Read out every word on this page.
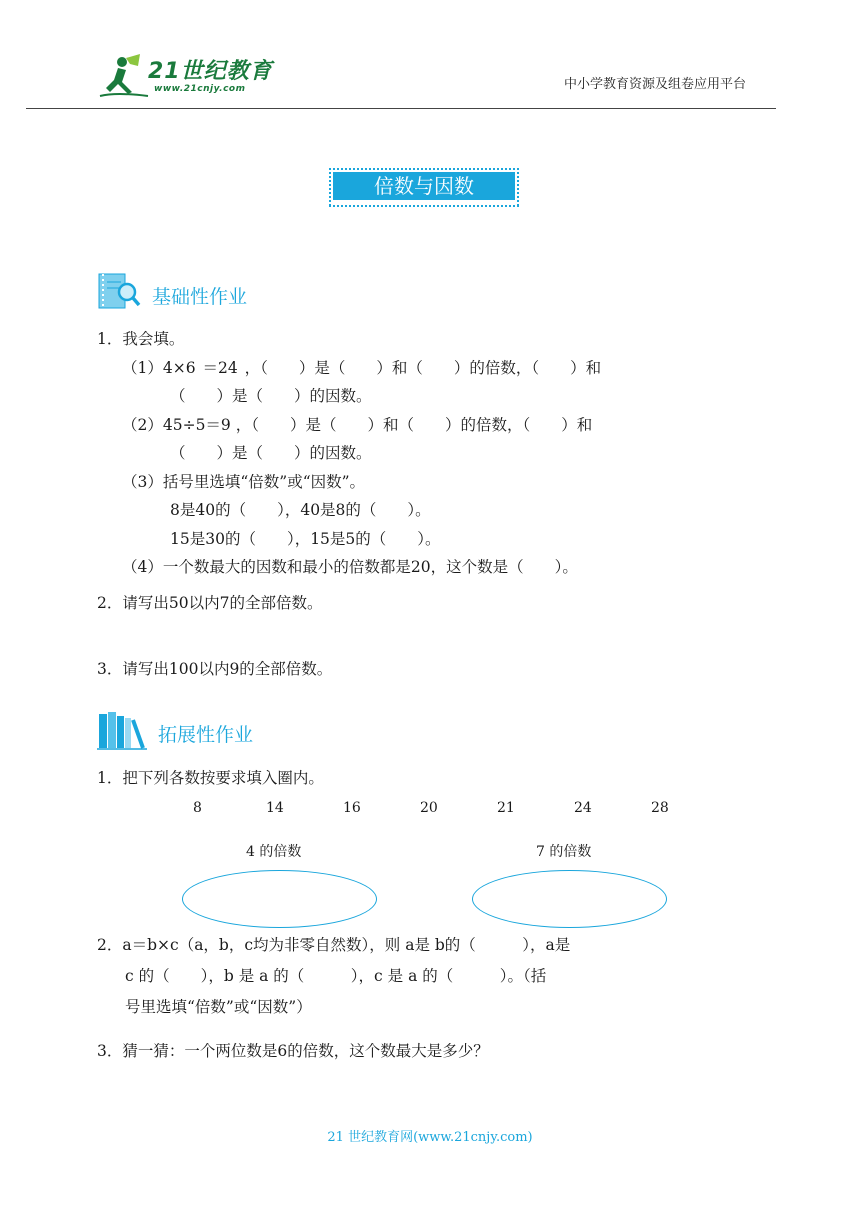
21世纪教育
www.21cnjy.com	中小学教育资源及组卷应用平台
倍数与因数
基础性作业
1．我会填。
（1）4×6 ＝24 ，（　　）是（　　）和（　　）的倍数，（　　）和
（　　）是（　　）的因数。
（2）45÷5＝9 ，（　　）是（　　）和（　　）的倍数，（　　）和
（　　）是（　　）的因数。
（3）括号里选填“倍数”或“因数”。
8是40的（　　），40是8的（　　）。
15是30的（　　），15是5的（　　）。
（4）一个数最大的因数和最小的倍数都是20，这个数是（　　）。
2．请写出50以内7的全部倍数。
3．请写出100以内9的全部倍数。
拓展性作业
1．把下列各数按要求填入圈内。
8	14	16	20	21	24	28
4 的倍数	7 的倍数
2．a＝b×c（a，b，c均为非零自然数），则 a是 b的（　　　），a是
c 的（　　），b 是 a 的（　　　），c 是 a 的（　　　）。（括
号里选填“倍数”或“因数”）
3．猜一猜：一个两位数是6的倍数，这个数最大是多少？
21 世纪教育网(www.21cnjy.com)
